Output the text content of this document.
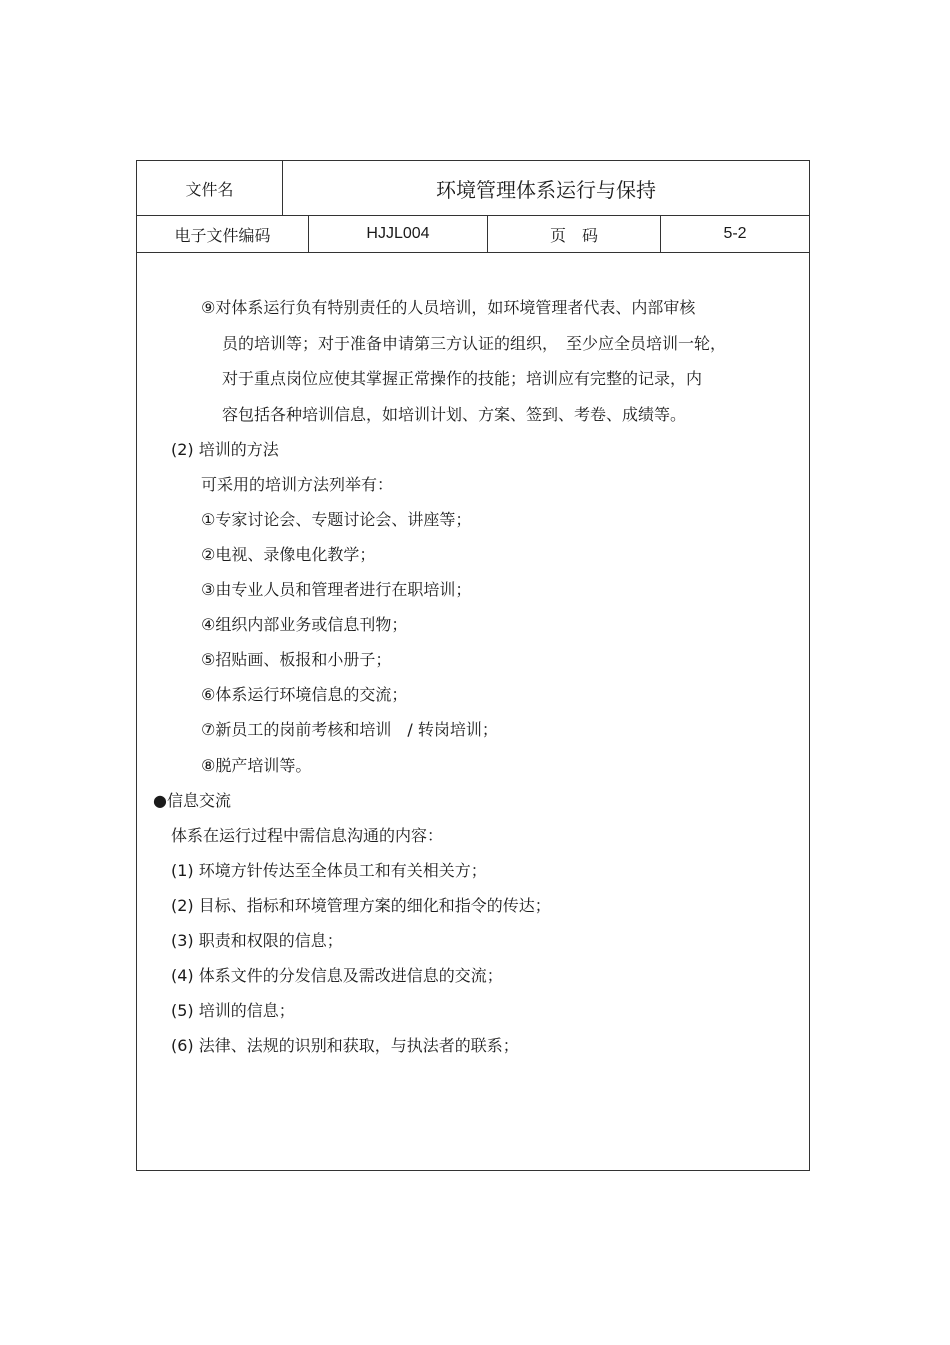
文件名	环境管理体系运行与保持
电子文件编码	HJJL004	页　码	5-2
⑨对体系运行负有特别责任的人员培训，如环境管理者代表、内部审核
员的培训等；对于准备申请第三方认证的组织，　至少应全员培训一轮，
对于重点岗位应使其掌握正常操作的技能；培训应有完整的记录，内
容包括各种培训信息，如培训计划、方案、签到、考卷、成绩等。
(2) 培训的方法
可采用的培训方法列举有：
①专家讨论会、专题讨论会、讲座等；
②电视、录像电化教学；
③由专业人员和管理者进行在职培训；
④组织内部业务或信息刊物；
⑤招贴画、板报和小册子；
⑥体系运行环境信息的交流；
⑦新员工的岗前考核和培训　/ 转岗培训；
⑧脱产培训等。
●信息交流
体系在运行过程中需信息沟通的内容：
(1) 环境方针传达至全体员工和有关相关方；
(2) 目标、指标和环境管理方案的细化和指令的传达；
(3) 职责和权限的信息；
(4) 体系文件的分发信息及需改进信息的交流；
(5) 培训的信息；
(6) 法律、法规的识别和获取，与执法者的联系；
